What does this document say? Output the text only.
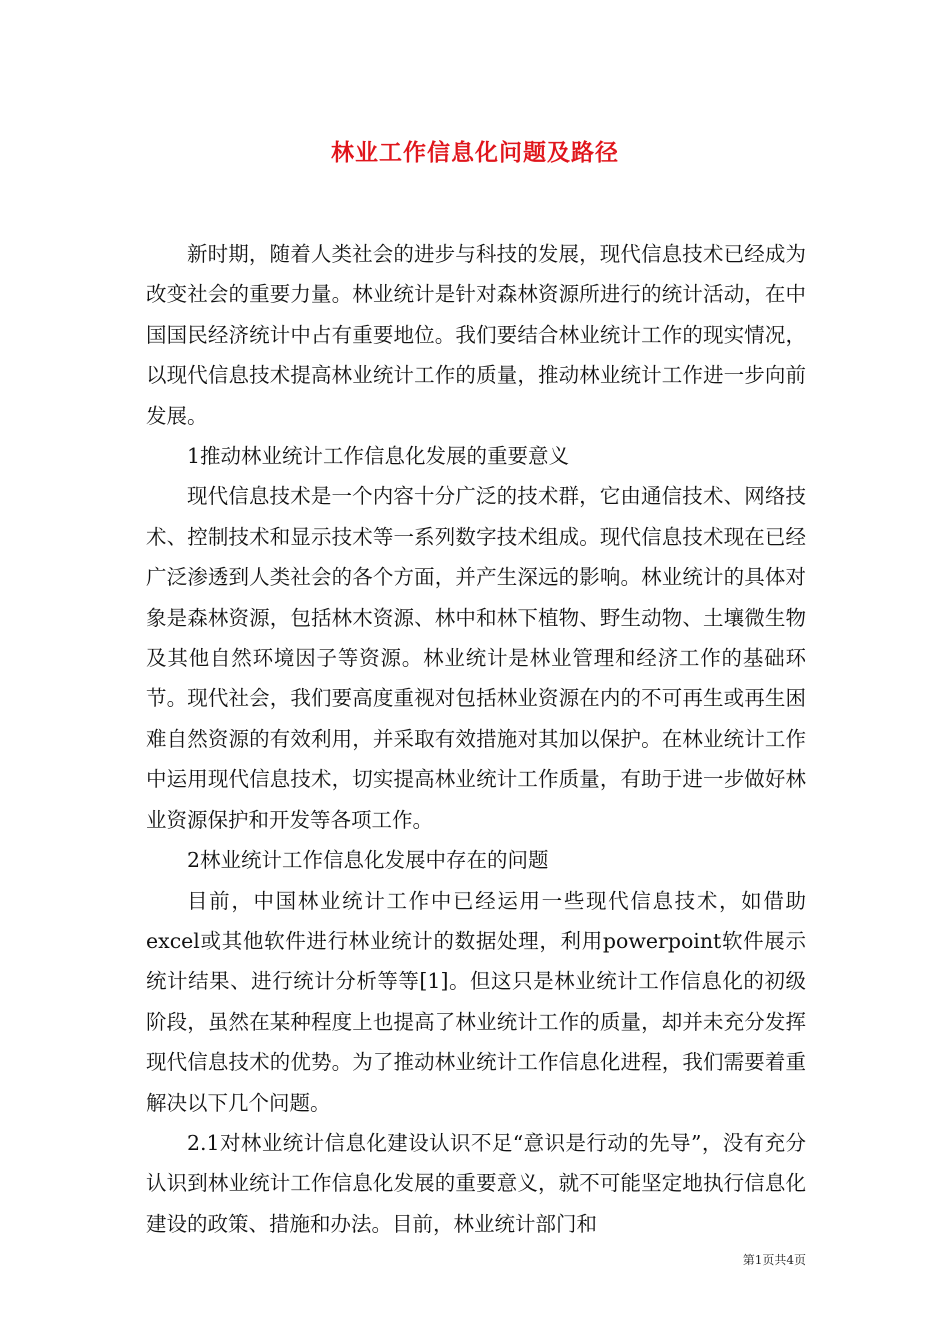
林业工作信息化问题及路径

新时期，随着人类社会的进步与科技的发展，现代信息技术已经成为改变社会的重要力量。林业统计是针对森林资源所进行的统计活动，在中国国民经济统计中占有重要地位。我们要结合林业统计工作的现实情况，以现代信息技术提高林业统计工作的质量，推动林业统计工作进一步向前发展。

1推动林业统计工作信息化发展的重要意义

现代信息技术是一个内容十分广泛的技术群，它由通信技术、网络技术、控制技术和显示技术等一系列数字技术组成。现代信息技术现在已经广泛渗透到人类社会的各个方面，并产生深远的影响。林业统计的具体对象是森林资源，包括林木资源、林中和林下植物、野生动物、土壤微生物及其他自然环境因子等资源。林业统计是林业管理和经济工作的基础环节。现代社会，我们要高度重视对包括林业资源在内的不可再生或再生困难自然资源的有效利用，并采取有效措施对其加以保护。在林业统计工作中运用现代信息技术，切实提高林业统计工作质量，有助于进一步做好林业资源保护和开发等各项工作。

2林业统计工作信息化发展中存在的问题

目前，中国林业统计工作中已经运用一些现代信息技术，如借助excel或其他软件进行林业统计的数据处理，利用powerpoint软件展示统计结果、进行统计分析等等[1]。但这只是林业统计工作信息化的初级阶段，虽然在某种程度上也提高了林业统计工作的质量，却并未充分发挥现代信息技术的优势。为了推动林业统计工作信息化进程，我们需要着重解决以下几个问题。

2.1对林业统计信息化建设认识不足“意识是行动的先导”，没有充分认识到林业统计工作信息化发展的重要意义，就不可能坚定地执行信息化建设的政策、措施和办法。目前，林业统计部门和

第1页共4页
